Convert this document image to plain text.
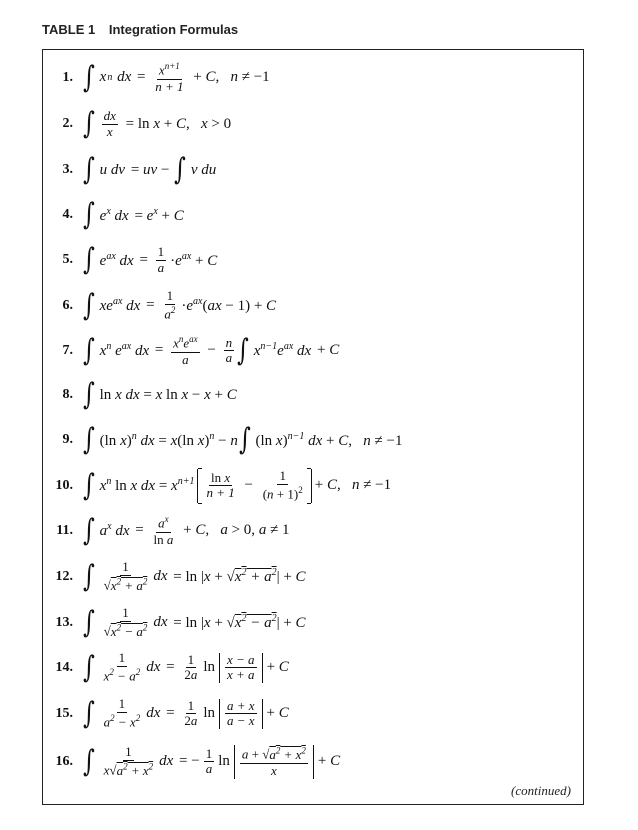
TABLE 1 Integration Formulas
1. ∫ x n dx = $\frac{x^{n+1}}{n + 1} + C$,   n ≠ −1
2. ∫ $\frac{dx}{x} = \ln x + C$,   x > 0
3. ∫ u dv = uv − ∫ v du
4. ∫ $e^x$ dx = $e^x + C$
5. ∫ $e^{ax}$ dx = $\frac{1}{a} \cdot e^{ax} + C$
6. ∫ $xe^{ax}$ dx = $\frac{1}{a^2} \cdot e^{ax}(ax - 1) + C$
7. ∫ $x^n$ $e^{ax}$ dx = $\frac{x^ne^{ax}}{a} - \frac{n}{a}$ ∫ $x^{n-1}e^{ax}$ dx + C
8. ∫ ln x dx = x ln x − x + C
9. ∫ (ln x)$^n$ dx = x(ln x)$^n$ − n ∫ (ln x)$^{n-1}$ dx + C,   n ≠ −1
10. ∫ $x^n$ ln x dx = $x^{n+1} \frac{\text{ln x}}{n + 1} - \frac{1}{(n + 1)^2} + C$,   n ≠ −1
11. ∫ $a^x$ dx = $\frac{a^x}{\text{ln a}} + C$,   a > 0, a ≠ 1
12. ∫ $\frac{1}{√x^2 + a^2}$ dx = $\ln |x + √x^2 + a^2| + C$
13. ∫ $\frac{1}{√x^2 - a^2}$ dx = $\ln |x + √x^2 - a^2| + C$
14. ∫ $\frac{1}{x^2 - a^2}$ dx = $\frac{1}{2a}$ $\ln \frac{x - a}{x + a} + C$
15. ∫ $\frac{1}{a^2 - x^2}$ dx = $\frac{1}{2a}$ $\ln \frac{a + x}{a - x} + C$
16. ∫ $\frac{1}{x√a^2 + x^2}$ dx = − $\frac{1}{a}$ $\ln \frac{a + √a^2 + x^2}{x} + C$
(continued)
